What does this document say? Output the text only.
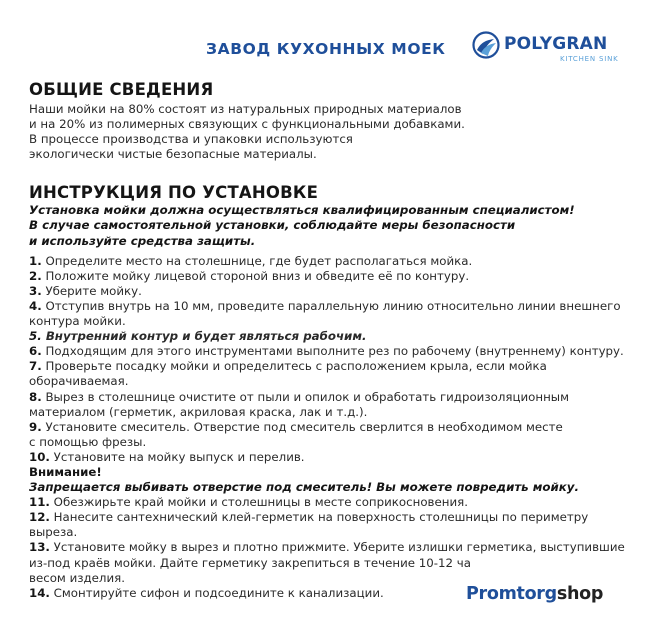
ЗАВОД КУХОННЫХ МОЕК	POLYGRAN
KITCHEN SINK
ОБЩИЕ СВЕДЕНИЯ
Наши мойки на 80% состоят из натуральных природных материалов
и на 20% из полимерных связующих с функциональными добавками.
В процессе производства и упаковки используются
экологически чистые безопасные материалы.
ИНСТРУКЦИЯ ПО УСТАНОВКЕ
Установка мойки должна осуществляться квалифицированным специалистом!
В случае самостоятельной установки, соблюдайте меры безопасности
и используйте средства защиты.
1. Определите место на столешнице, где будет располагаться мойка.
2. Положите мойку лицевой стороной вниз и обведите её по контуру.
3. Уберите мойку.
4. Отступив внутрь на 10 мм, проведите параллельную линию относительно линии внешнего
контура мойки.
5. Внутренний контур и будет являться рабочим.
6. Подходящим для этого инструментами выполните рез по рабочему (внутреннему) контуру.
7. Проверьте посадку мойки и определитесь с расположением крыла, если мойка
оборачиваемая.
8. Вырез в столешнице очистите от пыли и опилок и обработать гидроизоляционным
материалом (герметик, акриловая краска, лак и т.д.).
9. Установите смеситель. Отверстие под смеситель сверлится в необходимом месте
с помощью фрезы.
10. Установите на мойку выпуск и перелив.
Внимание!
Запрещается выбивать отверстие под смеситель! Вы можете повредить мойку.
11. Обезжирьте край мойки и столешницы в месте соприкосновения.
12. Нанесите сантехнический клей-герметик на поверхность столешницы по периметру
выреза.
13. Установите мойку в вырез и плотно прижмите. Уберите излишки герметика, выступившие
из-под краёв мойки. Дайте герметику закрепиться в течение 10-12 ча
весом изделия.
14. Смонтируйте сифон и подсоедините к канализации.	Promtorgshop
